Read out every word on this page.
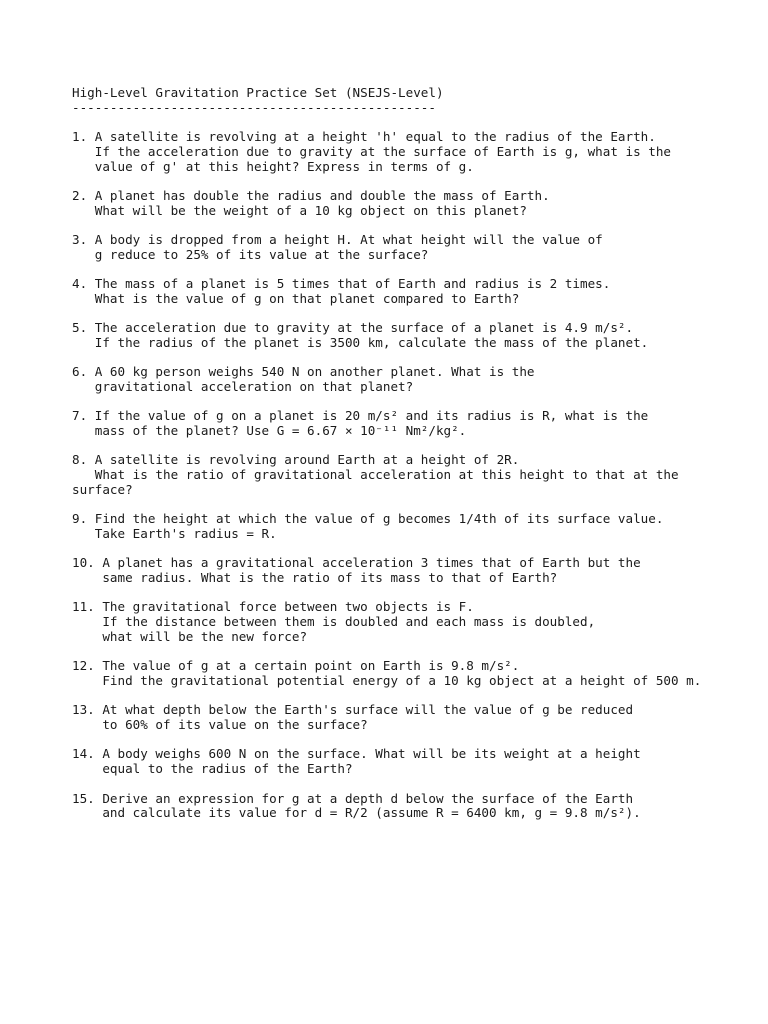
High-Level Gravitation Practice Set (NSEJS-Level)
------------------------------------------------
1. A satellite is revolving at a height 'h' equal to the radius of the Earth.
If the acceleration due to gravity at the surface of Earth is g, what is the
value of g' at this height? Express in terms of g.
2. A planet has double the radius and double the mass of Earth.
What will be the weight of a 10 kg object on this planet?
3. A body is dropped from a height H. At what height will the value of
g reduce to 25% of its value at the surface?
4. The mass of a planet is 5 times that of Earth and radius is 2 times.
What is the value of g on that planet compared to Earth?
5. The acceleration due to gravity at the surface of a planet is 4.9 m/s².
If the radius of the planet is 3500 km, calculate the mass of the planet.
6. A 60 kg person weighs 540 N on another planet. What is the
gravitational acceleration on that planet?
7. If the value of g on a planet is 20 m/s² and its radius is R, what is the
mass of the planet? Use G = 6.67 × 10⁻¹¹ Nm²/kg².
8. A satellite is revolving around Earth at a height of 2R.
What is the ratio of gravitational acceleration at this height to that at the
surface?
9. Find the height at which the value of g becomes 1/4th of its surface value.
Take Earth's radius = R.
10. A planet has a gravitational acceleration 3 times that of Earth but the
same radius. What is the ratio of its mass to that of Earth?
11. The gravitational force between two objects is F.
If the distance between them is doubled and each mass is doubled,
what will be the new force?
12. The value of g at a certain point on Earth is 9.8 m/s².
Find the gravitational potential energy of a 10 kg object at a height of 500 m.
13. At what depth below the Earth's surface will the value of g be reduced
to 60% of its value on the surface?
14. A body weighs 600 N on the surface. What will be its weight at a height
equal to the radius of the Earth?
15. Derive an expression for g at a depth d below the surface of the Earth
and calculate its value for d = R/2 (assume R = 6400 km, g = 9.8 m/s²).
